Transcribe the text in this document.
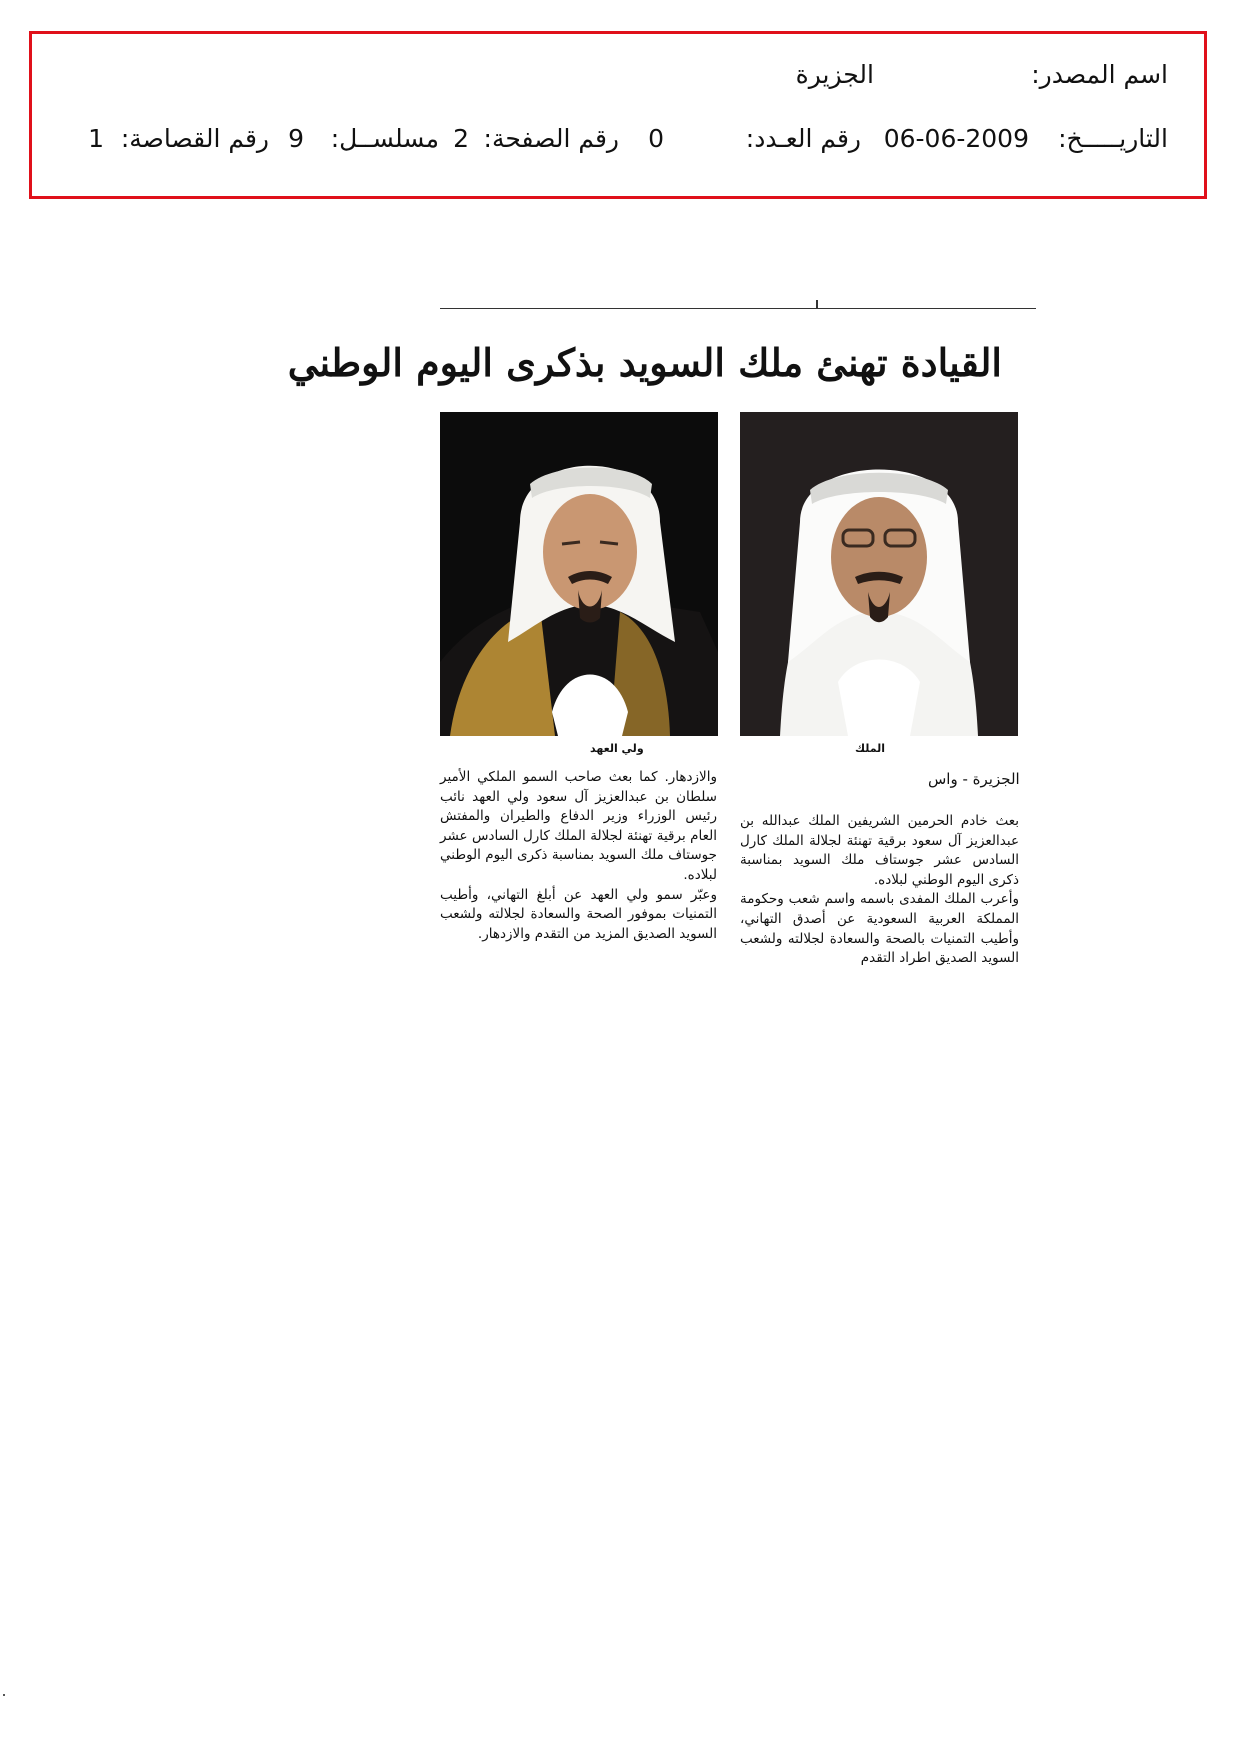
اسم المصدر:
الجزيرة
التاريـــــخ:
06-06-2009
رقم العـدد:
0
رقم الصفحة:
2
مسلســل:
9
رقم القصاصة:
1
القيادة تهنئ ملك السويد بذكرى اليوم الوطني
الملك
ولي العهد
الجزيرة - واس

بعث خادم الحرمين الشريفين الملك عبدالله بن عبدالعزيز آل سعود برقية تهنئة لجلالة الملك كارل السادس عشر جوستاف ملك السويد بمناسبة ذكرى اليوم الوطني لبلاده.

وأعرب الملك المفدى باسمه واسم شعب وحكومة المملكة العربية السعودية عن أصدق التهاني، وأطيب التمنيات بالصحة والسعادة لجلالته ولشعب السويد الصديق اطراد التقدم

والازدهار. كما بعث صاحب السمو الملكي الأمير سلطان بن عبدالعزيز آل سعود ولي العهد نائب رئيس الوزراء وزير الدفاع والطيران والمفتش العام برقية تهنئة لجلالة الملك كارل السادس عشر جوستاف ملك السويد بمناسبة ذكرى اليوم الوطني لبلاده.

وعبّر سمو ولي العهد عن أبلغ التهاني، وأطيب التمنيات بموفور الصحة والسعادة لجلالته ولشعب السويد الصديق المزيد من التقدم والازدهار.
